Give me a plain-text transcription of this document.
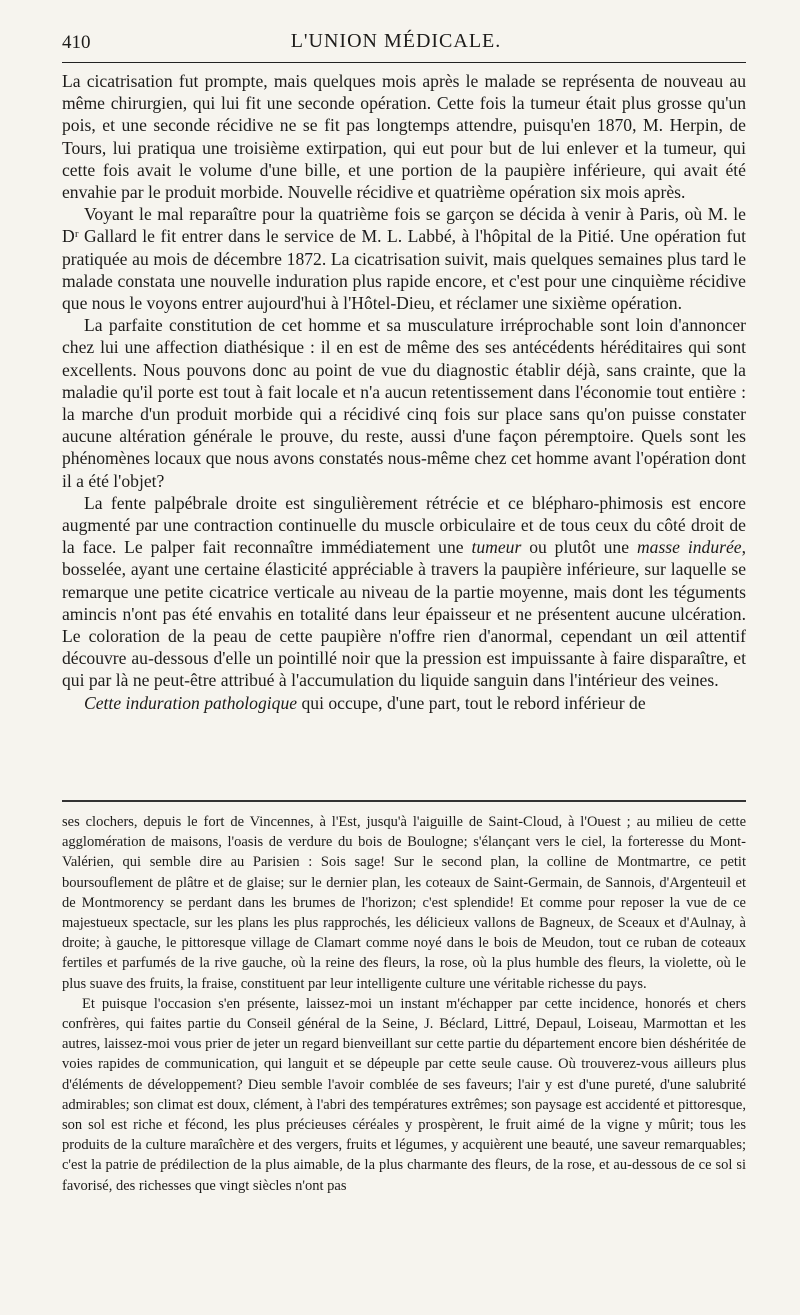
410	L'UNION MÉDICALE.

La cicatrisation fut prompte, mais quelques mois après le malade se représenta de nouveau au même chirurgien, qui lui fit une seconde opération. Cette fois la tumeur était plus grosse qu'un pois, et une seconde récidive ne se fit pas longtemps attendre, puisqu'en 1870, M. Herpin, de Tours, lui pratiqua une troisième extirpation, qui eut pour but de lui enlever et la tumeur, qui cette fois avait le volume d'une bille, et une portion de la paupière inférieure, qui avait été envahie par le produit morbide. Nouvelle récidive et quatrième opération six mois après.

Voyant le mal reparaître pour la quatrième fois se garçon se décida à venir à Paris, où M. le Dʳ Gallard le fit entrer dans le service de M. L. Labbé, à l'hôpital de la Pitié. Une opération fut pratiquée au mois de décembre 1872. La cicatrisation suivit, mais quelques semaines plus tard le malade constata une nouvelle induration plus rapide encore, et c'est pour une cinquième récidive que nous le voyons entrer aujourd'hui à l'Hôtel-Dieu, et réclamer une sixième opération.

La parfaite constitution de cet homme et sa musculature irréprochable sont loin d'annoncer chez lui une affection diathésique : il en est de même des ses antécédents héréditaires qui sont excellents. Nous pouvons donc au point de vue du diagnostic établir déjà, sans crainte, que la maladie qu'il porte est tout à fait locale et n'a aucun retentissement dans l'économie tout entière : la marche d'un produit morbide qui a récidivé cinq fois sur place sans qu'on puisse constater aucune altération générale le prouve, du reste, aussi d'une façon péremptoire. Quels sont les phénomènes locaux que nous avons constatés nous-même chez cet homme avant l'opération dont il a été l'objet?

La fente palpébrale droite est singulièrement rétrécie et ce blépharo-phimosis est encore augmenté par une contraction continuelle du muscle orbiculaire et de tous ceux du côté droit de la face. Le palper fait reconnaître immédiatement une tumeur ou plutôt une masse indurée, bosselée, ayant une certaine élasticité appréciable à travers la paupière inférieure, sur laquelle se remarque une petite cicatrice verticale au niveau de la partie moyenne, mais dont les téguments amincis n'ont pas été envahis en totalité dans leur épaisseur et ne présentent aucune ulcération. Le coloration de la peau de cette paupière n'offre rien d'anormal, cependant un œil attentif découvre au-dessous d'elle un pointillé noir que la pression est impuissante à faire disparaître, et qui par là ne peut-être attribué à l'accumulation du liquide sanguin dans l'intérieur des veines.

Cette induration pathologique qui occupe, d'une part, tout le rebord inférieur de

ses clochers, depuis le fort de Vincennes, à l'Est, jusqu'à l'aiguille de Saint-Cloud, à l'Ouest ; au milieu de cette agglomération de maisons, l'oasis de verdure du bois de Boulogne; s'élançant vers le ciel, la forteresse du Mont-Valérien, qui semble dire au Parisien : Sois sage! Sur le second plan, la colline de Montmartre, ce petit boursouflement de plâtre et de glaise; sur le dernier plan, les coteaux de Saint-Germain, de Sannois, d'Argenteuil et de Montmorency se perdant dans les brumes de l'horizon; c'est splendide! Et comme pour reposer la vue de ce majestueux spectacle, sur les plans les plus rapprochés, les délicieux vallons de Bagneux, de Sceaux et d'Aulnay, à droite; à gauche, le pittoresque village de Clamart comme noyé dans le bois de Meudon, tout ce ruban de coteaux fertiles et parfumés de la rive gauche, où la reine des fleurs, la rose, où la plus humble des fleurs, la violette, où le plus suave des fruits, la fraise, constituent par leur intelligente culture une véritable richesse du pays.

Et puisque l'occasion s'en présente, laissez-moi un instant m'échapper par cette incidence, honorés et chers confrères, qui faites partie du Conseil général de la Seine, J. Béclard, Littré, Depaul, Loiseau, Marmottan et les autres, laissez-moi vous prier de jeter un regard bienveillant sur cette partie du département encore bien déshéritée de voies rapides de communication, qui languit et se dépeuple par cette seule cause. Où trouverez-vous ailleurs plus d'éléments de développement? Dieu semble l'avoir comblée de ses faveurs; l'air y est d'une pureté, d'une salubrité admirables; son climat est doux, clément, à l'abri des températures extrêmes; son paysage est accidenté et pittoresque, son sol est riche et fécond, les plus précieuses céréales y prospèrent, le fruit aimé de la vigne y mûrit; tous les produits de la culture maraîchère et des vergers, fruits et légumes, y acquièrent une beauté, une saveur remarquables; c'est la patrie de prédilection de la plus aimable, de la plus charmante des fleurs, de la rose, et au-dessous de ce sol si favorisé, des richesses que vingt siècles n'ont pas
